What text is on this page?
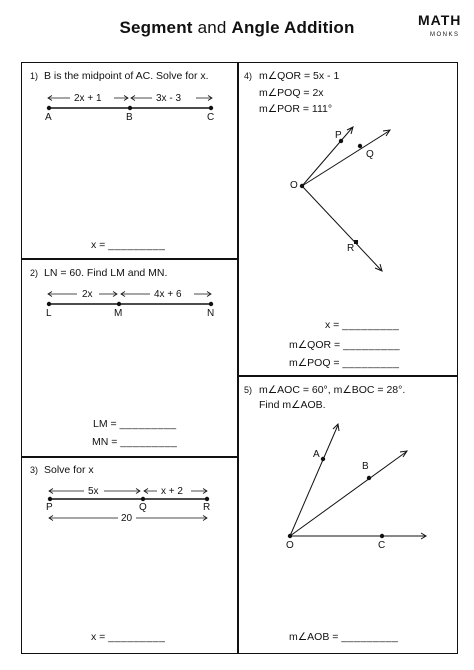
Segment and Angle Addition	MATH
MONKS
1) B is the midpoint of AC. Solve for x.
2x + 1	3x - 3
A	B	C
x = _________
2) LN = 60. Find LM and MN.
2x	4x + 6
L	M	N
LM = _________
MN = _________
3) Solve for x
5x	x + 2
P	Q	R
20
x = _________
4) m∠QOR = 5x - 1
m∠POQ = 2x
m∠POR = 111°
P
Q
O
R
x = _________
m∠QOR = _________
m∠POQ = _________
5) m∠AOC = 60°, m∠BOC = 28°.
Find m∠AOB.
A
B
O	C
m∠AOB = _________
